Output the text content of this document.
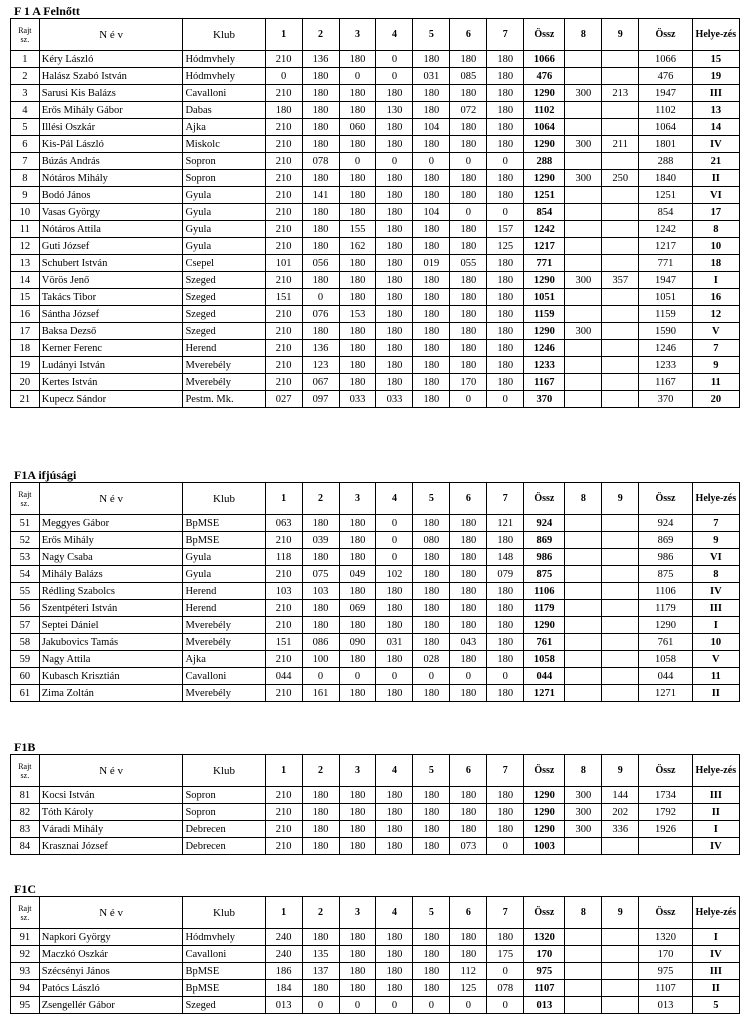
F 1 A Felnőtt
Rajt sz.	N é v	Klub	1	2	3	4	5	6	7	Össz	8	9	Össz	Helye-zés
1	Kéry László	Hódmvhely	210	136	180	0	180	180	180	1066			1066	15
2	Halász Szabó István	Hódmvhely	0	180	0	0	031	085	180	476			476	19
3	Sarusi Kis Balázs	Cavalloni	210	180	180	180	180	180	180	1290	300	213	1947	III
4	Erős Mihály Gábor	Dabas	180	180	180	130	180	072	180	1102			1102	13
5	Illési Oszkár	Ajka	210	180	060	180	104	180	180	1064			1064	14
6	Kis-Pál László	Miskolc	210	180	180	180	180	180	180	1290	300	211	1801	IV
7	Búzás András	Sopron	210	078	0	0	0	0	0	288			288	21
8	Nótáros Mihály	Sopron	210	180	180	180	180	180	180	1290	300	250	1840	II
9	Bodó János	Gyula	210	141	180	180	180	180	180	1251			1251	VI
10	Vasas György	Gyula	210	180	180	180	104	0	0	854			854	17
11	Nótáros Attila	Gyula	210	180	155	180	180	180	157	1242			1242	8
12	Guti József	Gyula	210	180	162	180	180	180	125	1217			1217	10
13	Schubert István	Csepel	101	056	180	180	019	055	180	771			771	18
14	Vörös Jenő	Szeged	210	180	180	180	180	180	180	1290	300	357	1947	I
15	Takács Tibor	Szeged	151	0	180	180	180	180	180	1051			1051	16
16	Sántha József	Szeged	210	076	153	180	180	180	180	1159			1159	12
17	Baksa Dezső	Szeged	210	180	180	180	180	180	180	1290	300		1590	V
18	Kerner Ferenc	Herend	210	136	180	180	180	180	180	1246			1246	7
19	Ludányi István	Mverebély	210	123	180	180	180	180	180	1233			1233	9
20	Kertes István	Mverebély	210	067	180	180	180	170	180	1167			1167	11
21	Kupecz Sándor	Pestm. Mk.	027	097	033	033	180	0	0	370			370	20
F1A ifjúsági
Rajt sz.	N é v	Klub	1	2	3	4	5	6	7	Össz	8	9	Össz	Helye-zés
51	Meggyes Gábor	BpMSE	063	180	180	0	180	180	121	924			924	7
52	Erős Mihály	BpMSE	210	039	180	0	080	180	180	869			869	9
53	Nagy Csaba	Gyula	118	180	180	0	180	180	148	986			986	VI
54	Mihály Balázs	Gyula	210	075	049	102	180	180	079	875			875	8
55	Rédling Szabolcs	Herend	103	103	180	180	180	180	180	1106			1106	IV
56	Szentpéteri István	Herend	210	180	069	180	180	180	180	1179			1179	III
57	Septei Dániel	Mverebély	210	180	180	180	180	180	180	1290			1290	I
58	Jakubovics Tamás	Mverebély	151	086	090	031	180	043	180	761			761	10
59	Nagy Attila	Ajka	210	100	180	180	028	180	180	1058			1058	V
60	Kubasch Krisztián	Cavalloni	044	0	0	0	0	0	0	044			044	11
61	Zima Zoltán	Mverebély	210	161	180	180	180	180	180	1271			1271	II
F1B
Rajt sz.	N é v	Klub	1	2	3	4	5	6	7	Össz	8	9	Össz	Helye-zés
81	Kocsi István	Sopron	210	180	180	180	180	180	180	1290	300	144	1734	III
82	Tóth Károly	Sopron	210	180	180	180	180	180	180	1290	300	202	1792	II
83	Váradi Mihály	Debrecen	210	180	180	180	180	180	180	1290	300	336	1926	I
84	Krasznai József	Debrecen	210	180	180	180	180	073	0	1003				IV
F1C
Rajt sz.	N é v	Klub	1	2	3	4	5	6	7	Össz	8	9	Össz	Helye-zés
91	Napkori György	Hódmvhely	240	180	180	180	180	180	180	1320			1320	I
92	Maczkó Oszkár	Cavalloni	240	135	180	180	180	180	175	170			170	IV
93	Szécsényi János	BpMSE	186	137	180	180	180	112	0	975			975	III
94	Patócs László	BpMSE	184	180	180	180	180	125	078	1107			1107	II
95	Zsengellér Gábor	Szeged	013	0	0	0	0	0	0	013			013	5
